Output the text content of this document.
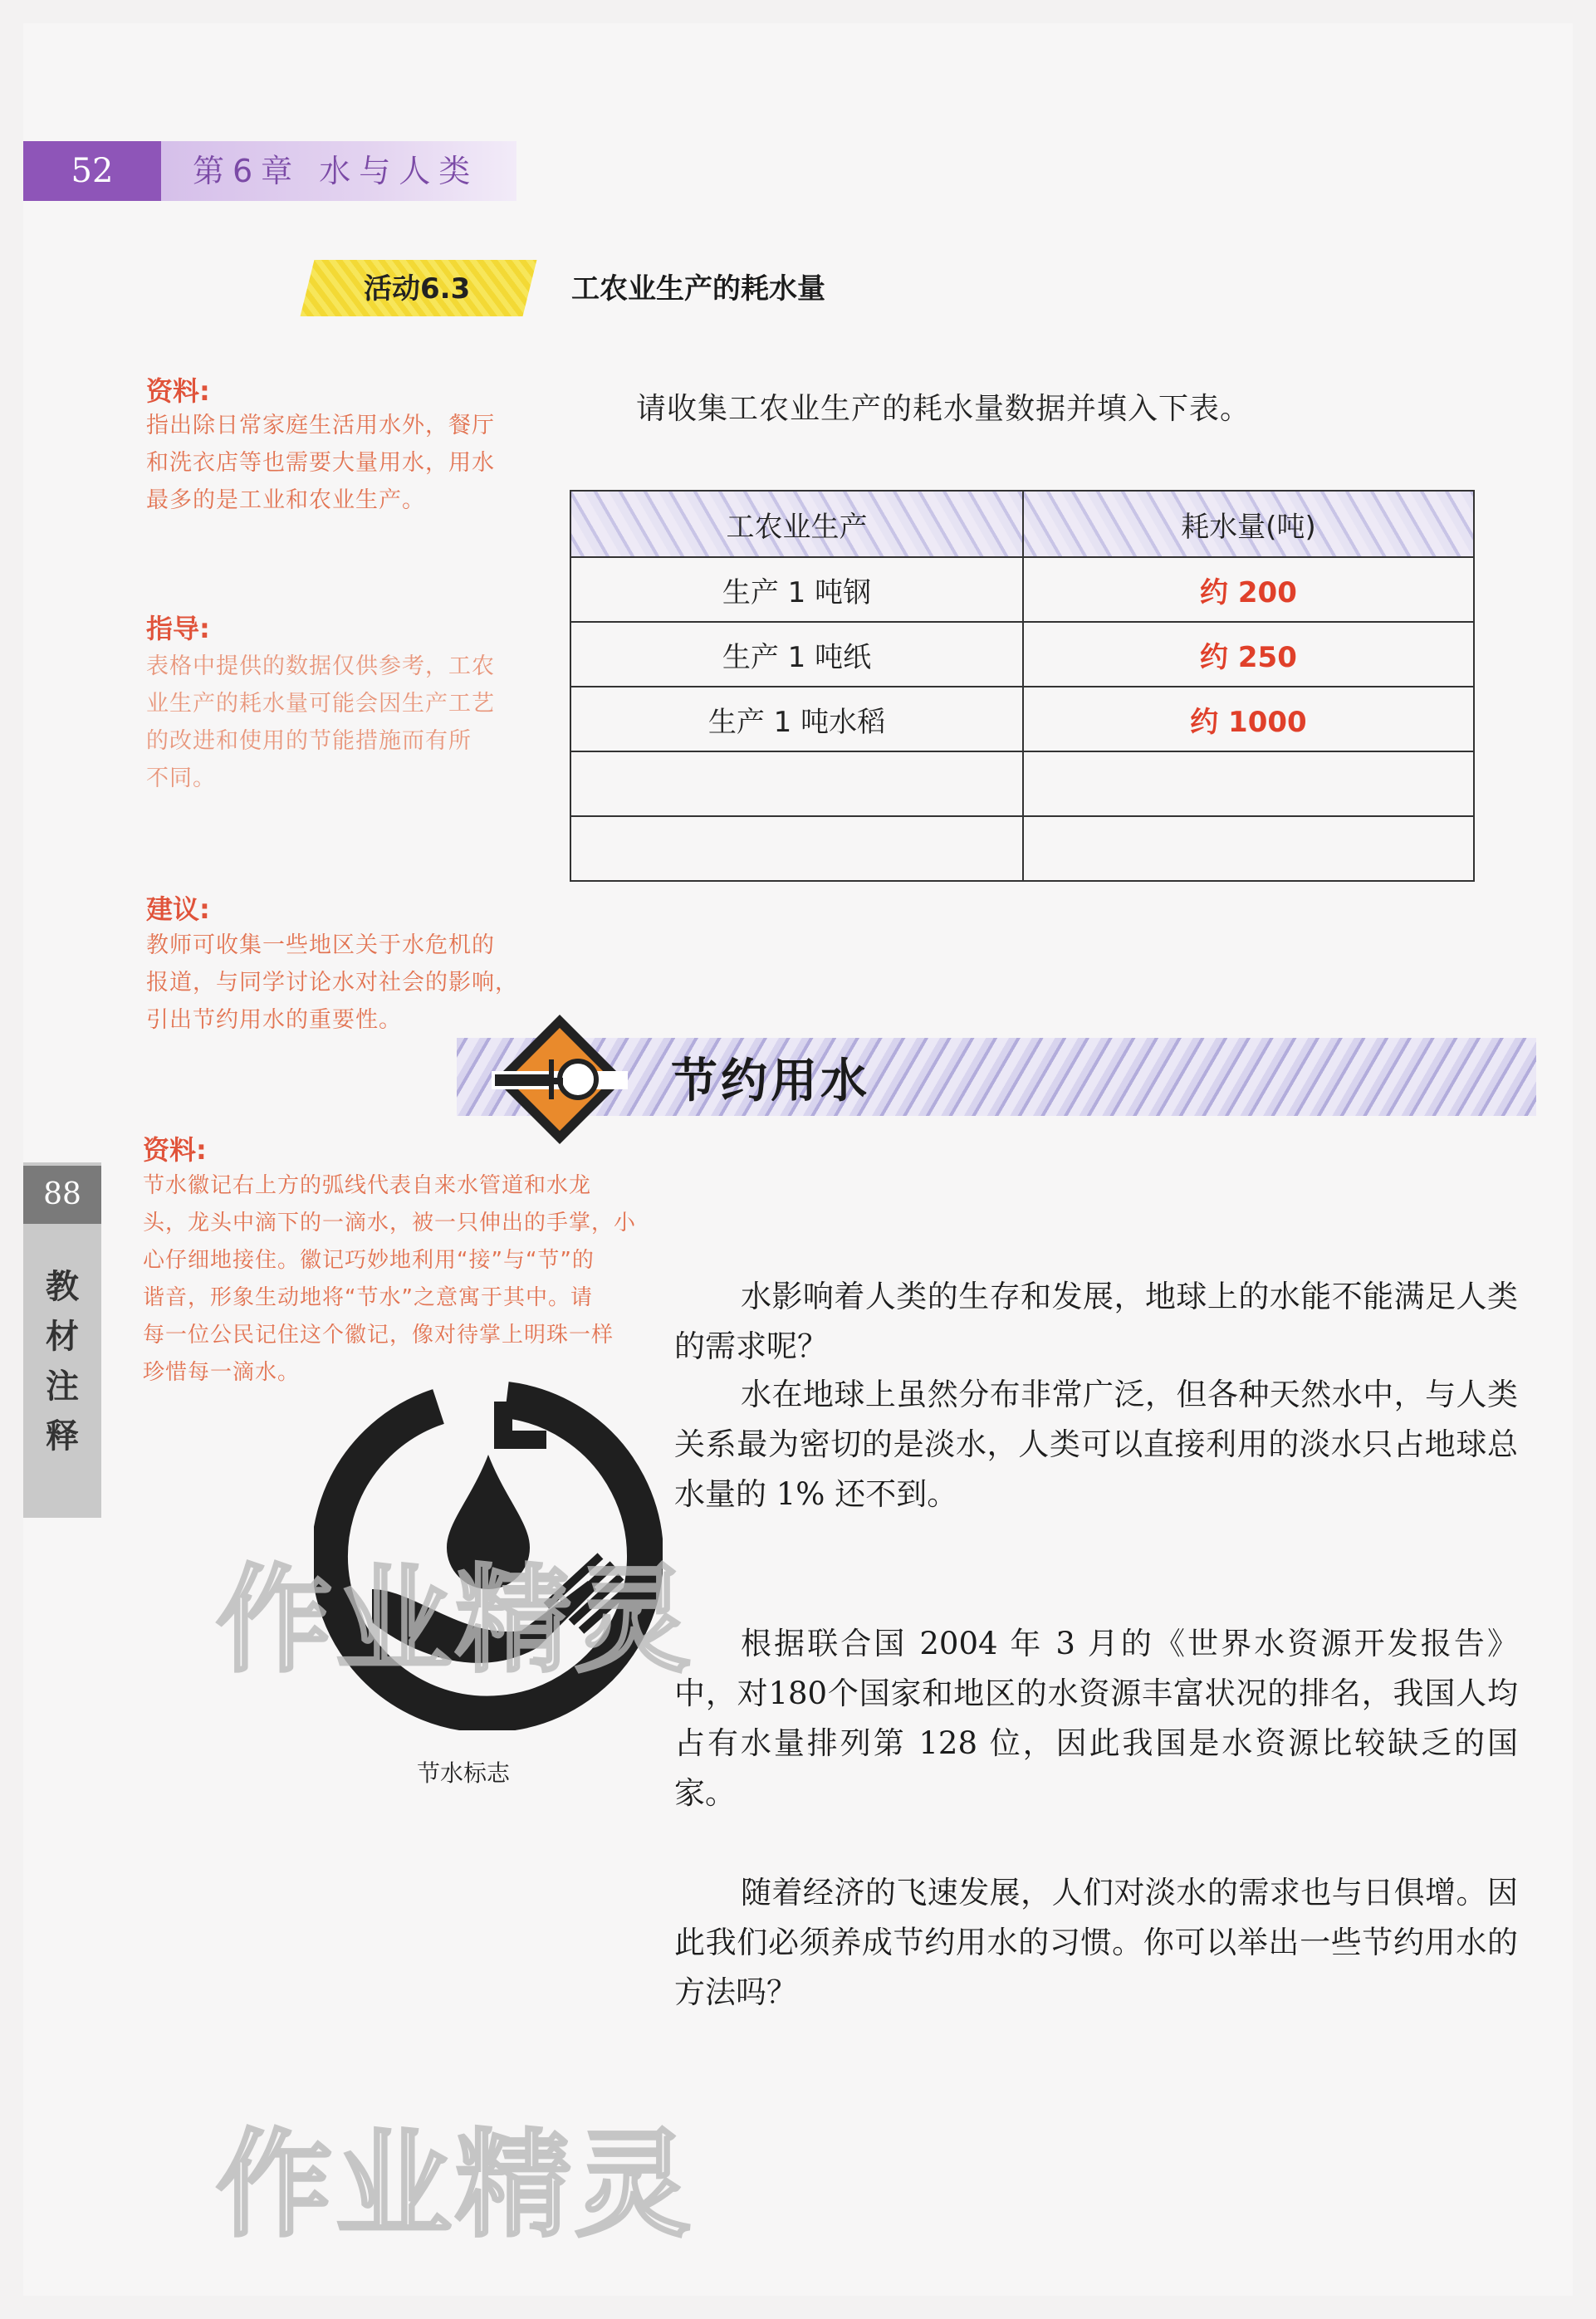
52	第6章 水与人类
活动6.3	工农业生产的耗水量
请收集工农业生产的耗水量数据并填入下表。
资料:
指出除日常家庭生活用水外，餐厅
和洗衣店等也需要大量用水，用水
最多的是工业和农业生产。
指导:
表格中提供的数据仅供参考，工农
业生产的耗水量可能会因生产工艺
的改进和使用的节能措施而有所
不同。
建议:
教师可收集一些地区关于水危机的
报道，与同学讨论水对社会的影响，
引出节约用水的重要性。
资料:
节水徽记右上方的弧线代表自来水管道和水龙
头，龙头中滴下的一滴水，被一只伸出的手掌，小
心仔细地接住。徽记巧妙地利用“接”与“节”的
谐音，形象生动地将“节水”之意寓于其中。请
每一位公民记住这个徽记，像对待掌上明珠一样
珍惜每一滴水。
工农业生产	耗水量(吨)
生产 1 吨钢	约 200
生产 1 吨纸	约 250
生产 1 吨水稻	约 1000

节约用水
88
教
材
注
释
节水标志
水影响着人类的生存和发展，地球上的水能不能满足人类的需求呢？
水在地球上虽然分布非常广泛，但各种天然水中，与人类关系最为密切的是淡水，人类可以直接利用的淡水只占地球总水量的 1% 还不到。
根据联合国 2004 年 3 月的《世界水资源开发报告》中，对180个国家和地区的水资源丰富状况的排名，我国人均占有水量排列第 128 位，因此我国是水资源比较缺乏的国家。
随着经济的飞速发展，人们对淡水的需求也与日俱增。因此我们必须养成节约用水的习惯。你可以举出一些节约用水的方法吗？
作业精灵
作业精灵
